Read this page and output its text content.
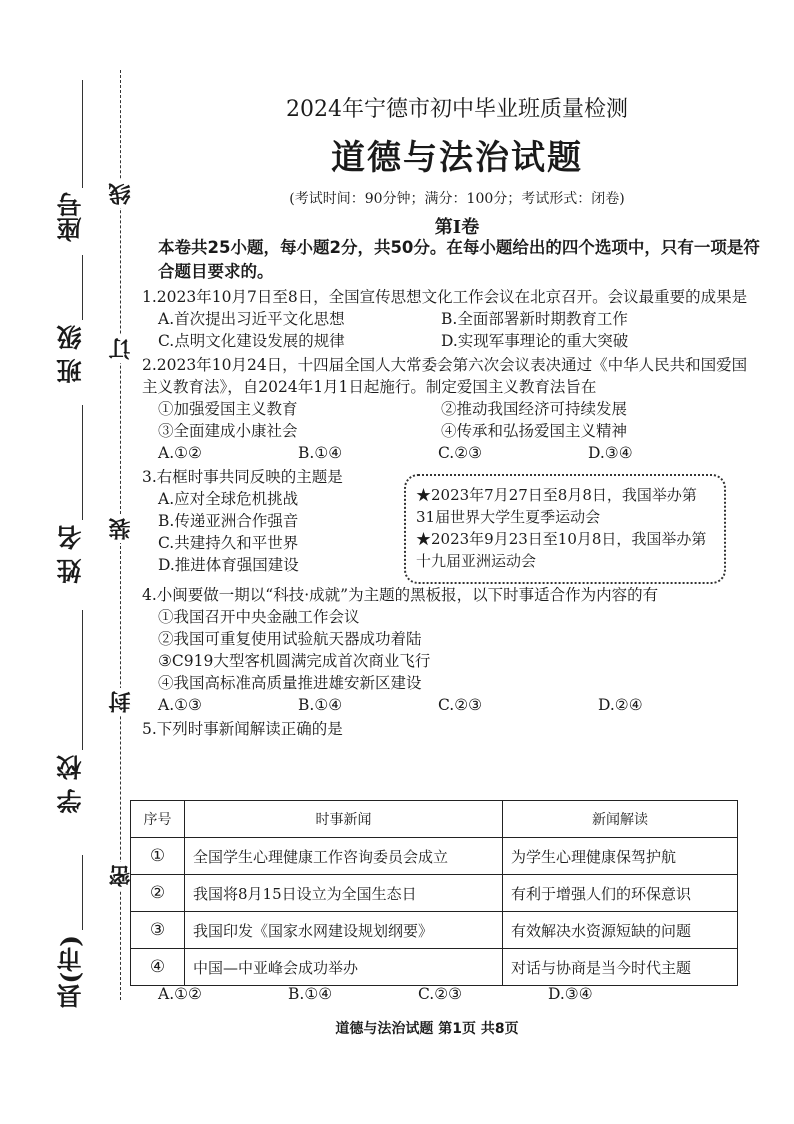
县(市)
学 校
姓 名
班 级
座号
密
封
装
订
线
2024年宁德市初中毕业班质量检测
道德与法治试题
(考试时间：90分钟；满分：100分；考试形式：闭卷)
第Ⅰ卷
本卷共25小题，每小题2分，共50分。在每小题给出的四个选项中，只有一项是符合题目要求的。
1.2023年10月7日至8日，全国宣传思想文化工作会议在北京召开。会议最重要的成果是
A.首次提出习近平文化思想	B.全面部署新时期教育工作
C.点明文化建设发展的规律	D.实现军事理论的重大突破
2.2023年10月24日，十四届全国人大常委会第六次会议表决通过《中华人民共和国爱国主义教育法》，自2024年1月1日起施行。制定爱国主义教育法旨在
①加强爱国主义教育	②推动我国经济可持续发展
③全面建成小康社会	④传承和弘扬爱国主义精神
A.①②	B.①④	C.②③	D.③④
3.右框时事共同反映的主题是
A.应对全球危机挑战
B.传递亚洲合作强音
C.共建持久和平世界
D.推进体育强国建设
★2023年7月27日至8月8日，我国举办第31届世界大学生夏季运动会
★2023年9月23日至10月8日，我国举办第十九届亚洲运动会
4.小闽要做一期以“科技·成就”为主题的黑板报，以下时事适合作为内容的有
①我国召开中央金融工作会议
②我国可重复使用试验航天器成功着陆
③C919大型客机圆满完成首次商业飞行
④我国高标准高质量推进雄安新区建设
A.①③	B.①④	C.②③	D.②④
5.下列时事新闻解读正确的是
序号	时事新闻	新闻解读
①	全国学生心理健康工作咨询委员会成立	为学生心理健康保驾护航
②	我国将8月15日设立为全国生态日	有利于增强人们的环保意识
③	我国印发《国家水网建设规划纲要》	有效解决水资源短缺的问题
④	中国—中亚峰会成功举办	对话与协商是当今时代主题
A.①②	B.①④	C.②③	D.③④
道德与法治试题 第1页 共8页
